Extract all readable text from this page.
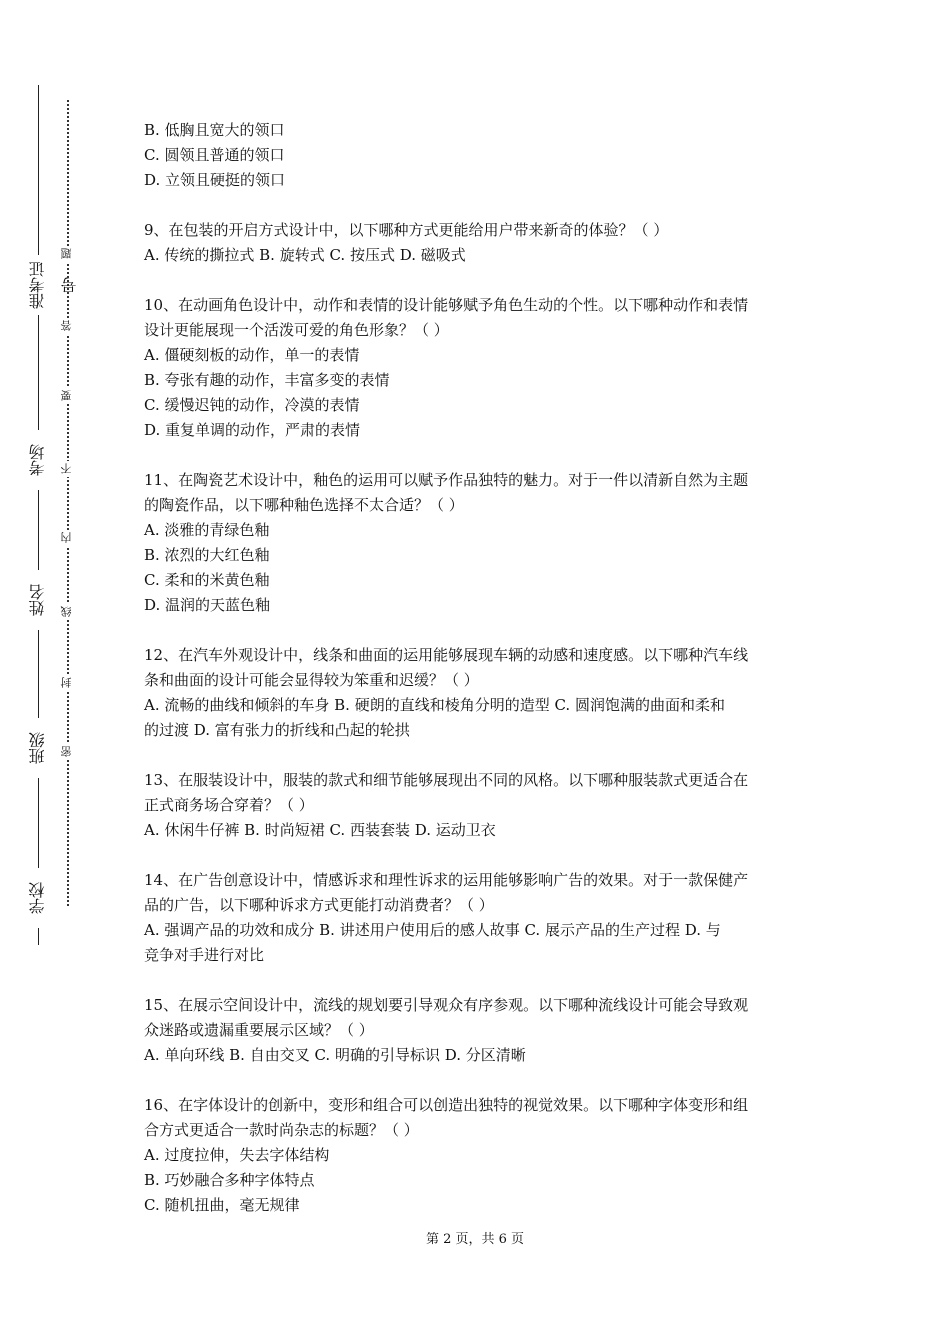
准考证号
考场
姓名
班级
学校
密
封
线
内
不
要
答
题

B. 低胸且宽大的领口

C. 圆领且普通的领口

D. 立领且硬挺的领口

9、在包装的开启方式设计中，以下哪种方式更能给用户带来新奇的体验？（ ）

A. 传统的撕拉式 B. 旋转式 C. 按压式 D. 磁吸式

10、在动画角色设计中，动作和表情的设计能够赋予角色生动的个性。以下哪种动作和表情

设计更能展现一个活泼可爱的角色形象？（ ）

A. 僵硬刻板的动作，单一的表情

B. 夸张有趣的动作，丰富多变的表情

C. 缓慢迟钝的动作，冷漠的表情

D. 重复单调的动作，严肃的表情

11、在陶瓷艺术设计中，釉色的运用可以赋予作品独特的魅力。对于一件以清新自然为主题

的陶瓷作品，以下哪种釉色选择不太合适？（ ）

A. 淡雅的青绿色釉

B. 浓烈的大红色釉

C. 柔和的米黄色釉

D. 温润的天蓝色釉

12、在汽车外观设计中，线条和曲面的运用能够展现车辆的动感和速度感。以下哪种汽车线

条和曲面的设计可能会显得较为笨重和迟缓？（ ）

A. 流畅的曲线和倾斜的车身 B. 硬朗的直线和棱角分明的造型 C. 圆润饱满的曲面和柔和

的过渡 D. 富有张力的折线和凸起的轮拱

13、在服装设计中，服装的款式和细节能够展现出不同的风格。以下哪种服装款式更适合在

正式商务场合穿着？（ ）

A. 休闲牛仔裤 B. 时尚短裙 C. 西装套装 D. 运动卫衣

14、在广告创意设计中，情感诉求和理性诉求的运用能够影响广告的效果。对于一款保健产

品的广告，以下哪种诉求方式更能打动消费者？（ ）

A. 强调产品的功效和成分 B. 讲述用户使用后的感人故事 C. 展示产品的生产过程 D. 与

竞争对手进行对比

15、在展示空间设计中，流线的规划要引导观众有序参观。以下哪种流线设计可能会导致观

众迷路或遗漏重要展示区域？（ ）

A. 单向环线 B. 自由交叉 C. 明确的引导标识 D. 分区清晰

16、在字体设计的创新中，变形和组合可以创造出独特的视觉效果。以下哪种字体变形和组

合方式更适合一款时尚杂志的标题？（ ）

A. 过度拉伸，失去字体结构

B. 巧妙融合多种字体特点

C. 随机扭曲，毫无规律

第 2 页，共 6 页
